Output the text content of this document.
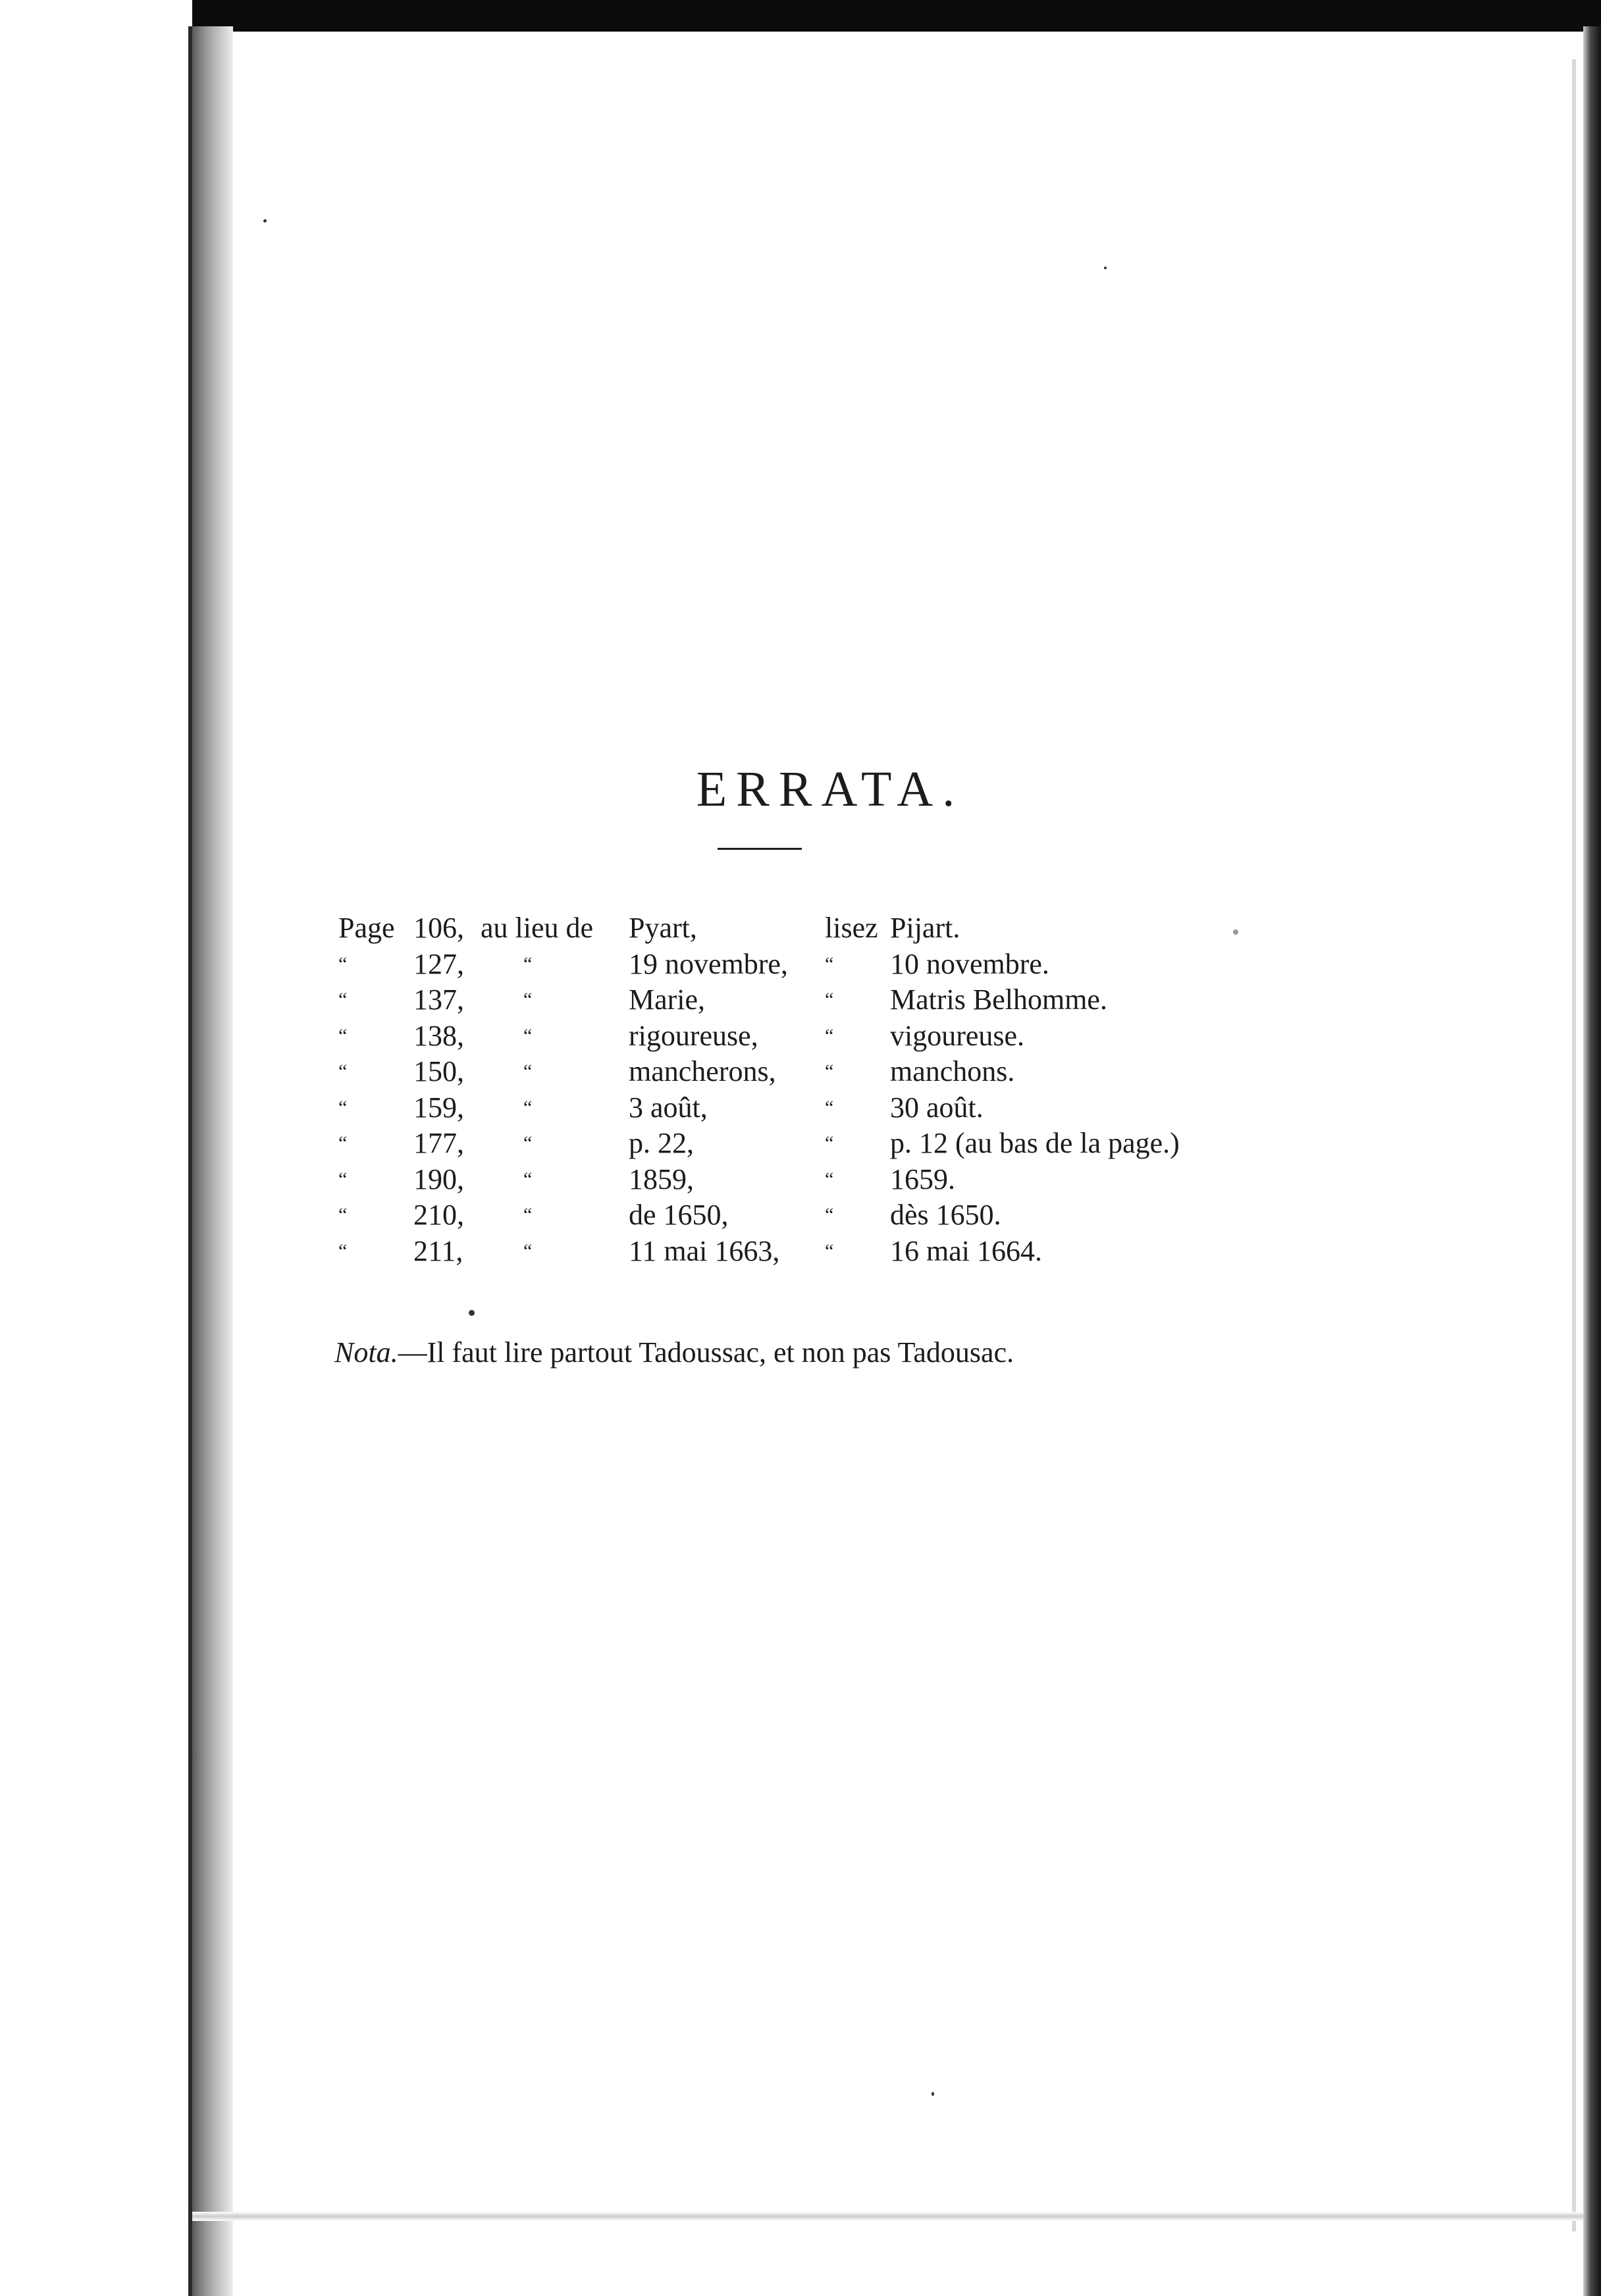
ERRATA.
Page 106, au lieu de Pyart,	lisez Pijart.
“ 127,	“	19 novembre, “ 10 novembre.
“ 137,	“	Marie,	“ Matris Belhomme.
“ 138,	“	rigoureuse,	“ vigoureuse.
“ 150,	“	mancherons, “ manchons.
“ 159,	“	3 août,	“ 30 août.
“ 177,	“	p. 22,	“ p. 12 (au bas de la page.)
“ 190,	“	1859,	“ 1659.
“ 210,	“	de 1650,	“ dès 1650.
“ 211,	“	11 mai 1663, “ 16 mai 1664.
Nota.—Il faut lire partout Tadoussac, et non pas Tadousac.
